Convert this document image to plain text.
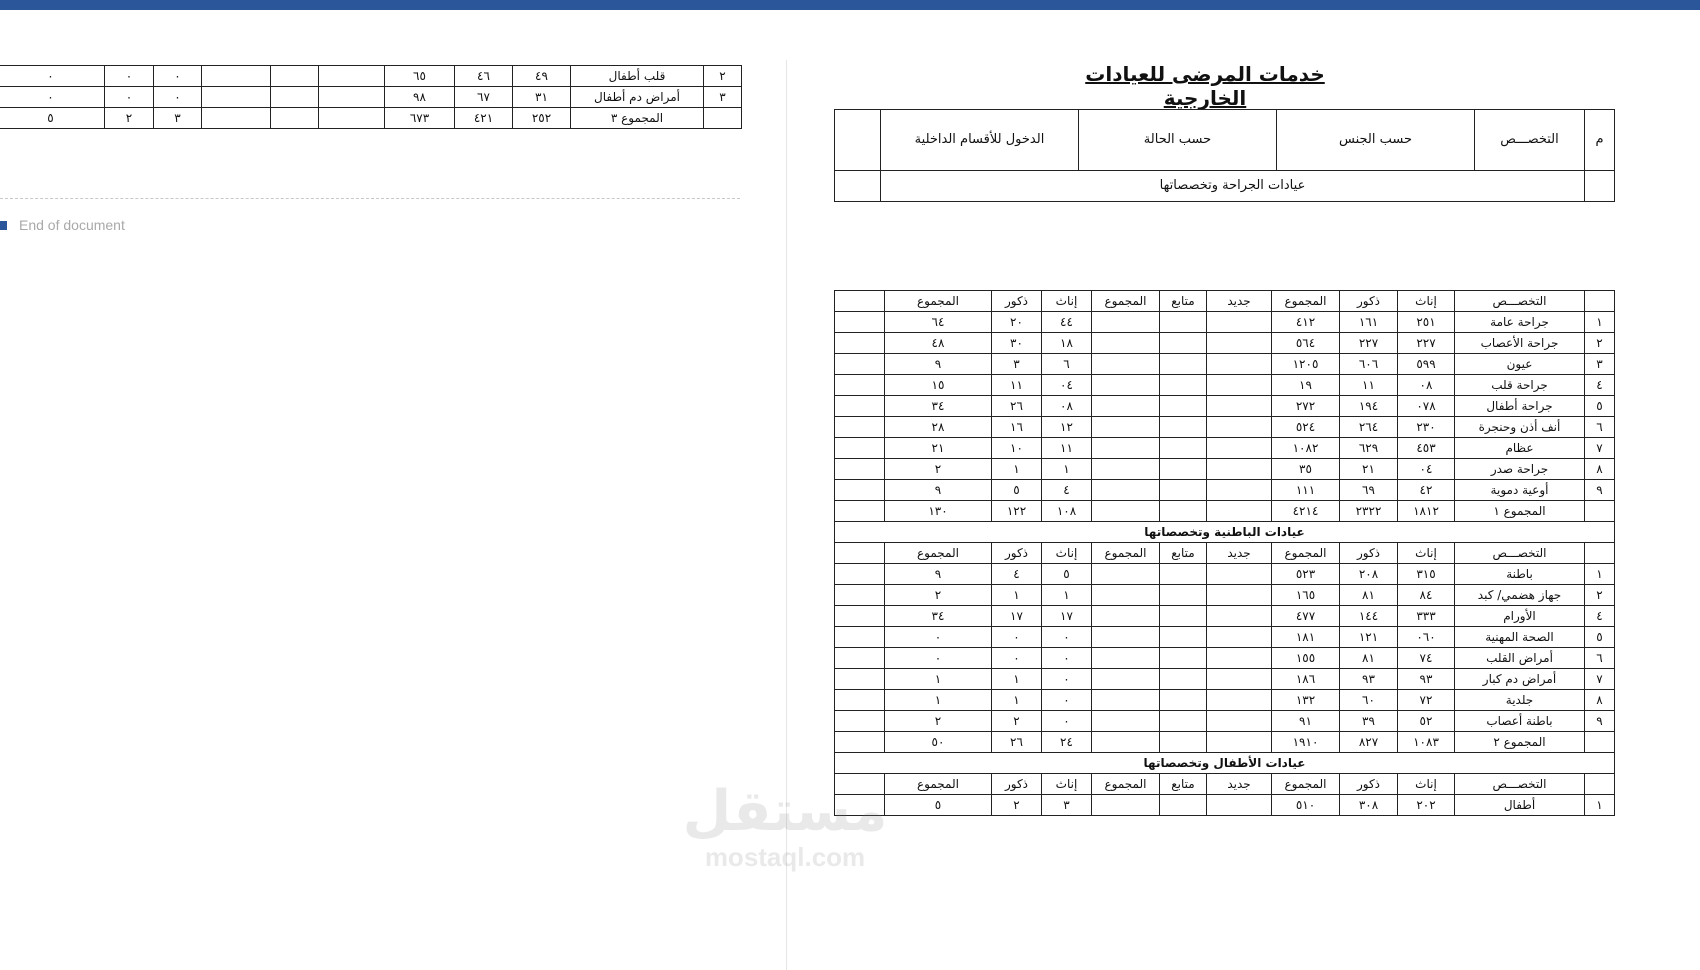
٠	٠	٠				٦٥	٤٦	٤٩	قلب أطفال	٢
٠	٠	٠				٩٨	٦٧	٣١	أمراض دم أطفال	٣
٥	٢	٣				٦٧٣	٤٢١	٢٥٢	المجموع ٣	
End of document
خدمات المرضى للعيادات الخارجية
م	التخصـــص	حسب الجنس	حسب الحالة	الدخول للأقسام الداخلية	
	عيادات الجراحة وتخصصاتها				
	التخصـــص	إناث	ذكور	المجموع	جديد	متابع	المجموع	إناث	ذكور	المجموع	
١	جراحة عامة	٢٥١	١٦١	٤١٢				٤٤	٢٠	٦٤	
٢	جراحة الأعصاب	٢٢٧	٢٢٧	٥٦٤				١٨	٣٠	٤٨	
٣	عيون	٥٩٩	٦٠٦	١٢٠٥				٦	٣	٩	
٤	جراحة قلب	٠٨	١١	١٩				٠٤	١١	١٥	
٥	جراحة أطفال	٠٧٨	١٩٤	٢٧٢				٠٨	٢٦	٣٤	
٦	أنف أذن وحنجرة	٢٣٠	٢٦٤	٥٢٤				١٢	١٦	٢٨	
٧	عظام	٤٥٣	٦٢٩	١٠٨٢				١١	١٠	٢١	
٨	جراحة صدر	٠٤	٢١	٣٥				١	١	٢	
٩	أوعية دموية	٤٢	٦٩	١١١				٤	٥	٩	
	المجموع ١	١٨١٢	٢٣٢٢	٤٢١٤				١٠٨	١٢٢	١٣٠	
عيادات الباطنية وتخصصاتها											
	التخصـــص	إناث	ذكور	المجموع	جديد	متابع	المجموع	إناث	ذكور	المجموع	
١	باطنة	٣١٥	٢٠٨	٥٢٣				٥	٤	٩	
٢	جهاز هضمي/ كبد	٨٤	٨١	١٦٥				١	١	٢	
٤	الأورام	٣٣٣	١٤٤	٤٧٧				١٧	١٧	٣٤	
٥	الصحة المهنية	٠٦٠	١٢١	١٨١				٠	٠	٠	
٦	أمراض القلب	٧٤	٨١	١٥٥				٠	٠	٠	
٧	أمراض دم كبار	٩٣	٩٣	١٨٦				٠	١	١	
٨	جلدية	٧٢	٦٠	١٣٢				٠	١	١	
٩	باطنة أعصاب	٥٢	٣٩	٩١				٠	٢	٢	
	المجموع ٢	١٠٨٣	٨٢٧	١٩١٠				٢٤	٢٦	٥٠	
عيادات الأطفال وتخصصاتها											
	التخصـــص	إناث	ذكور	المجموع	جديد	متابع	المجموع	إناث	ذكور	المجموع	
١	أطفال	٢٠٢	٣٠٨	٥١٠				٣	٢	٥	
